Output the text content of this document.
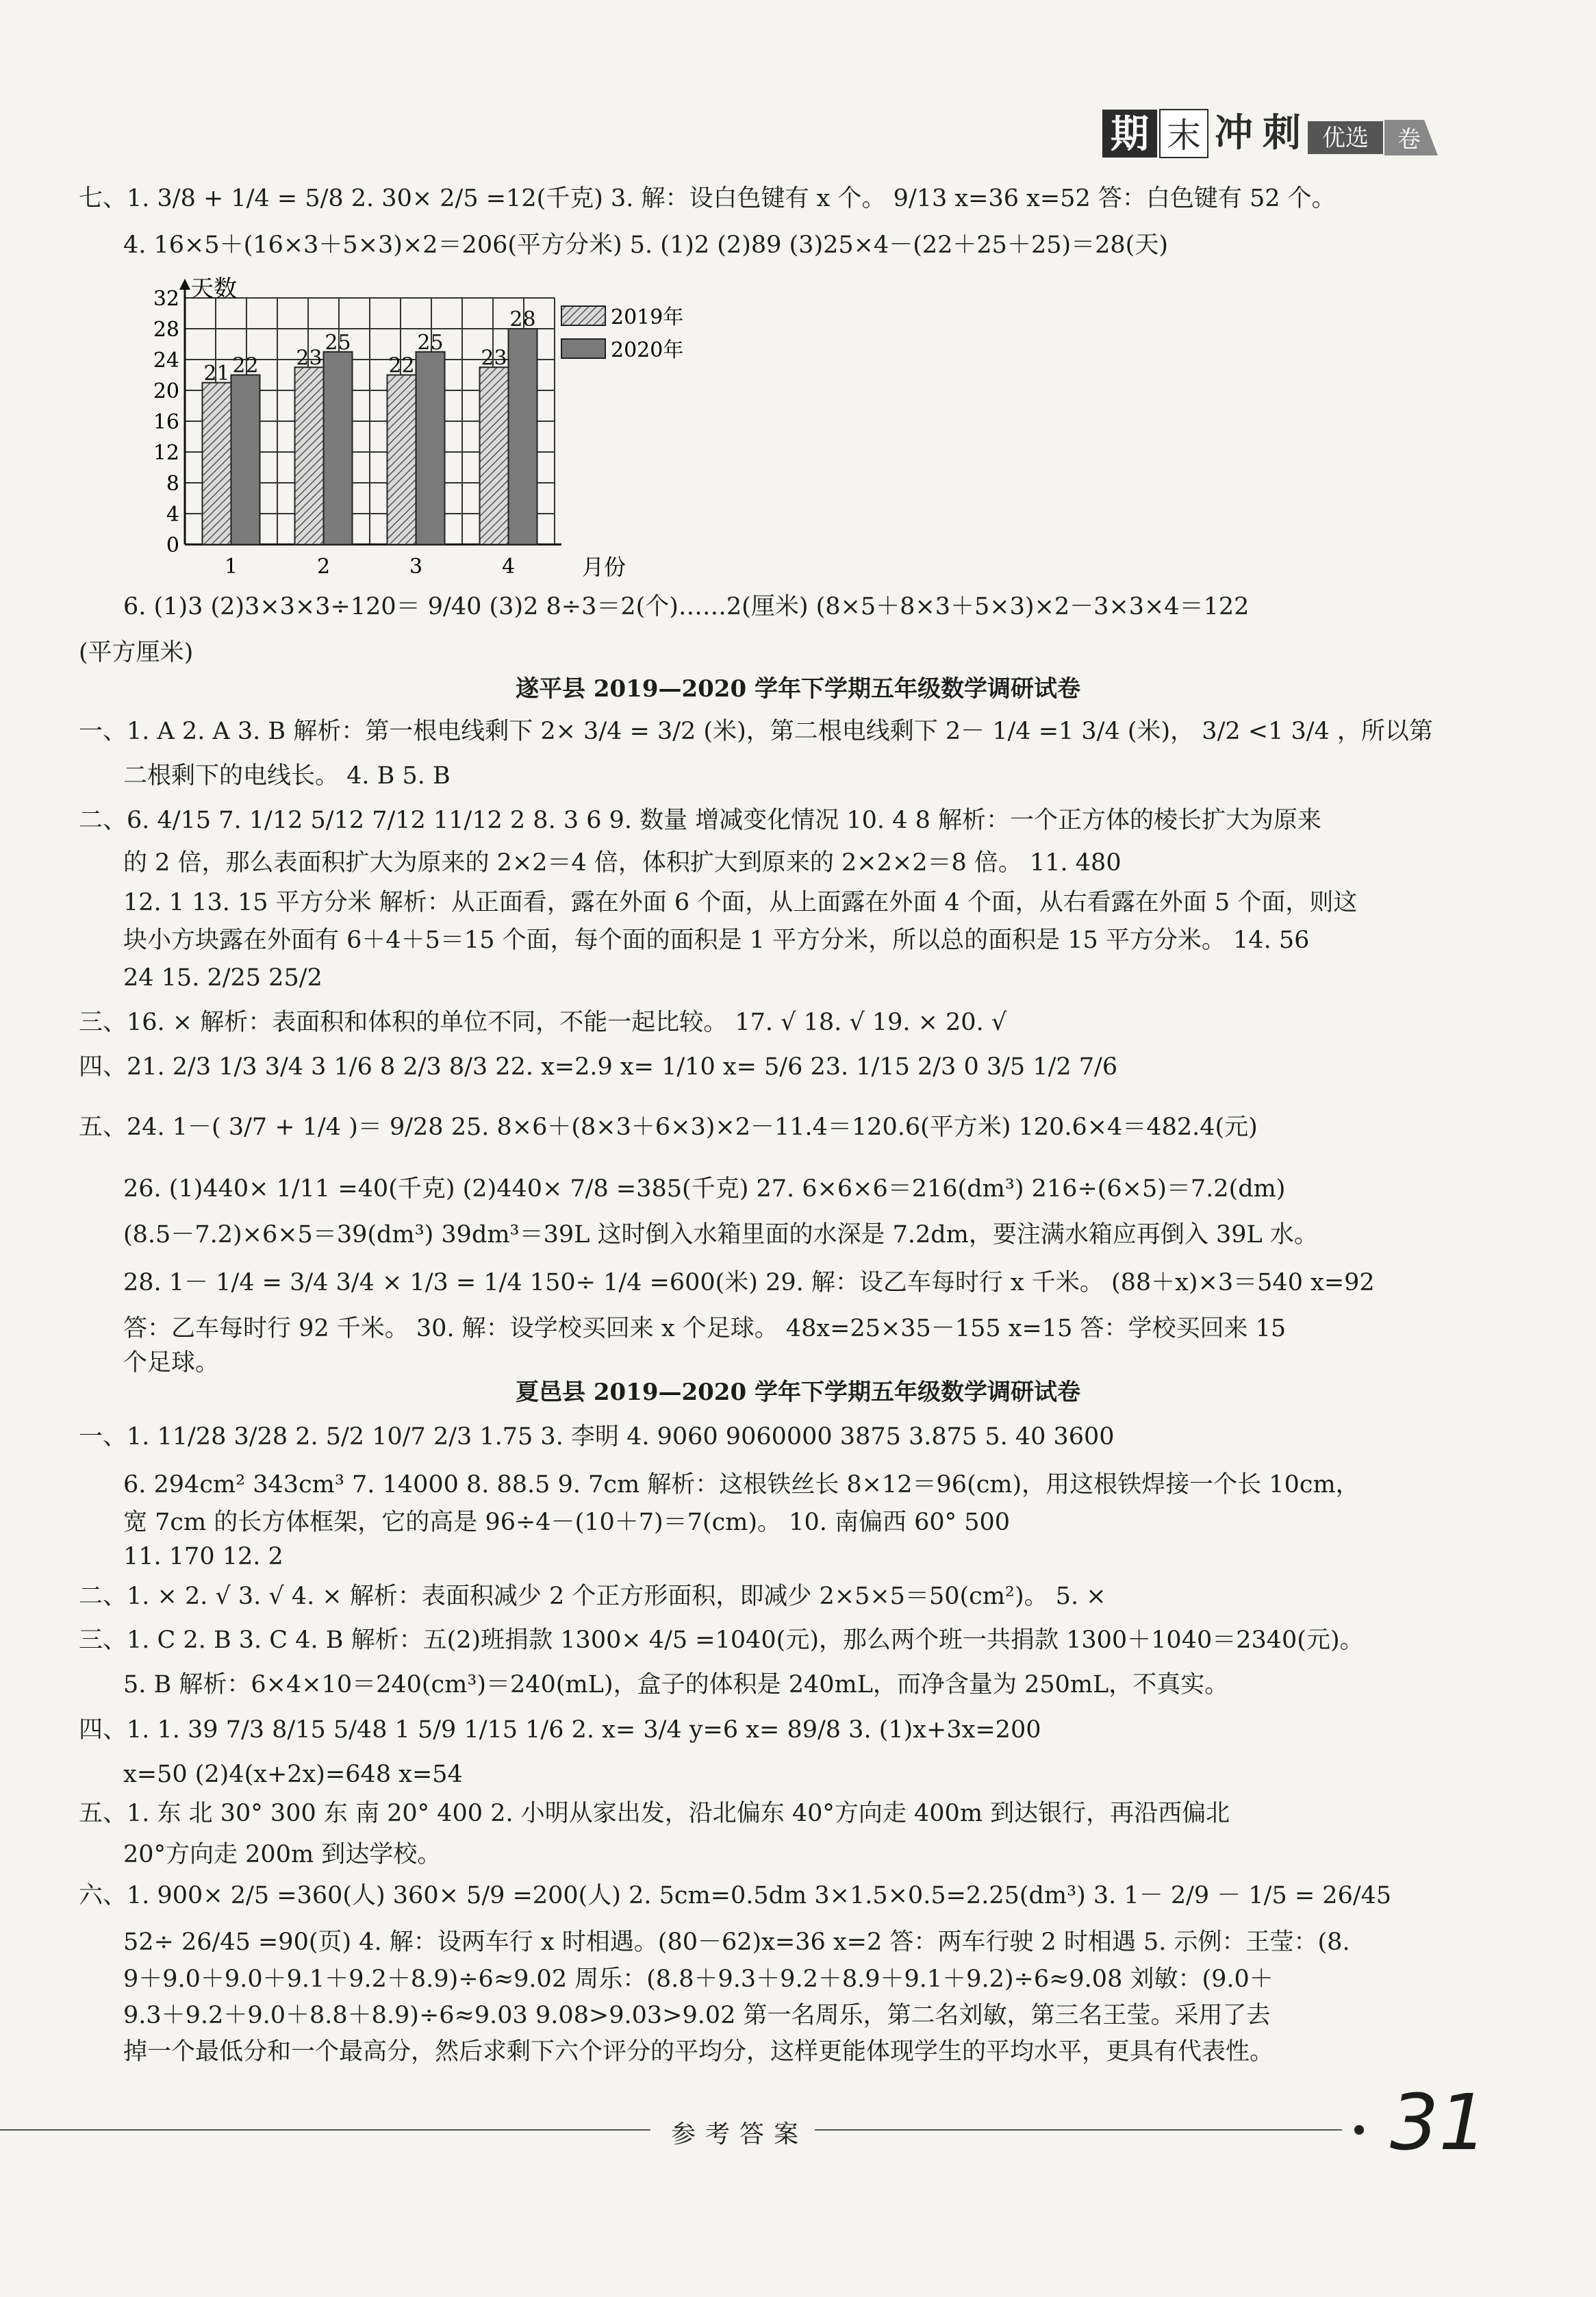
期 末 冲 刺 优选 卷
七、1. 3/8 + 1/4 = 5/8 2. 30× 2/5 =12(千克) 3. 解：设白色键有 x 个。 9/13 x=36 x=52 答：白色键有 52 个。
4. 16×5＋(16×3＋5×3)×2＝206(平方分米) 5. (1)2 (2)89 (3)25×4－(22＋25＋25)＝28(天)
0
4
8
12
16
20
24
28
32
21 22
1
23
25
2
22
25
3
23
28
4
天数
月份
2019年
2020年
6. (1)3 (2)3×3×3÷120＝ 9/40 (3)2 8÷3＝2(个)……2(厘米) (8×5＋8×3＋5×3)×2－3×3×4＝122
(平方厘米)
遂平县 2019—2020 学年下学期五年级数学调研试卷
一、1. A 2. A 3. B 解析：第一根电线剩下 2× 3/4 = 3/2 (米)，第二根电线剩下 2－ 1/4 =1 3/4 (米)， 3/2 <1 3/4 ，所以第
二根剩下的电线长。 4. B 5. B
二、6. 4/15 7. 1/12 5/12 7/12 11/12 2 8. 3 6 9. 数量 增减变化情况 10. 4 8 解析：一个正方体的棱长扩大为原来
的 2 倍，那么表面积扩大为原来的 2×2＝4 倍，体积扩大到原来的 2×2×2＝8 倍。 11. 480
12. 1 13. 15 平方分米 解析：从正面看，露在外面 6 个面，从上面露在外面 4 个面，从右看露在外面 5 个面，则这
块小方块露在外面有 6＋4＋5＝15 个面，每个面的面积是 1 平方分米，所以总的面积是 15 平方分米。 14. 56
24 15. 2/25 25/2
三、16. × 解析：表面积和体积的单位不同，不能一起比较。 17. √ 18. √ 19. × 20. √
四、21. 2/3 1/3 3/4 3 1/6 8 2/3 8/3 22. x=2.9 x= 1/10 x= 5/6 23. 1/15 2/3 0 3/5 1/2 7/6
五、24. 1－( 3/7 + 1/4 )＝ 9/28 25. 8×6＋(8×3＋6×3)×2－11.4＝120.6(平方米) 120.6×4＝482.4(元)
26. (1)440× 1/11 =40(千克) (2)440× 7/8 =385(千克) 27. 6×6×6＝216(dm³) 216÷(6×5)＝7.2(dm)
(8.5－7.2)×6×5＝39(dm³) 39dm³＝39L 这时倒入水箱里面的水深是 7.2dm，要注满水箱应再倒入 39L 水。
28. 1－ 1/4 = 3/4 3/4 × 1/3 = 1/4 150÷ 1/4 =600(米) 29. 解：设乙车每时行 x 千米。 (88＋x)×3＝540 x=92
答：乙车每时行 92 千米。 30. 解：设学校买回来 x 个足球。 48x=25×35－155 x=15 答：学校买回来 15
个足球。
夏邑县 2019—2020 学年下学期五年级数学调研试卷
一、1. 11/28 3/28 2. 5/2 10/7 2/3 1.75 3. 李明 4. 9060 9060000 3875 3.875 5. 40 3600
6. 294cm² 343cm³ 7. 14000 8. 88.5 9. 7cm 解析：这根铁丝长 8×12＝96(cm)，用这根铁焊接一个长 10cm，
宽 7cm 的长方体框架，它的高是 96÷4－(10＋7)＝7(cm)。 10. 南偏西 60° 500
11. 170 12. 2
二、1. × 2. √ 3. √ 4. × 解析：表面积减少 2 个正方形面积，即减少 2×5×5＝50(cm²)。 5. ×
三、1. C 2. B 3. C 4. B 解析：五(2)班捐款 1300× 4/5 =1040(元)，那么两个班一共捐款 1300＋1040＝2340(元)。
5. B 解析：6×4×10＝240(cm³)＝240(mL)，盒子的体积是 240mL，而净含量为 250mL，不真实。
四、1. 1. 39 7/3 8/15 5/48 1 5/9 1/15 1/6 2. x= 3/4 y=6 x= 89/8 3. (1)x+3x=200
x=50 (2)4(x+2x)=648 x=54
五、1. 东 北 30° 300 东 南 20° 400 2. 小明从家出发，沿北偏东 40°方向走 400m 到达银行，再沿西偏北
20°方向走 200m 到达学校。
六、1. 900× 2/5 =360(人) 360× 5/9 =200(人) 2. 5cm=0.5dm 3×1.5×0.5=2.25(dm³) 3. 1－ 2/9 － 1/5 = 26/45
52÷ 26/45 =90(页) 4. 解：设两车行 x 时相遇。(80－62)x=36 x=2 答：两车行驶 2 时相遇 5. 示例：王莹：(8.
9＋9.0＋9.0＋9.1＋9.2＋8.9)÷6≈9.02 周乐：(8.8＋9.3＋9.2＋8.9＋9.1＋9.2)÷6≈9.08 刘敏：(9.0＋
9.3＋9.2＋9.0＋8.8＋8.9)÷6≈9.03 9.08>9.03>9.02 第一名周乐，第二名刘敏，第三名王莹。采用了去
掉一个最低分和一个最高分，然后求剩下六个评分的平均分，这样更能体现学生的平均水平，更具有代表性。
参考答案	31
